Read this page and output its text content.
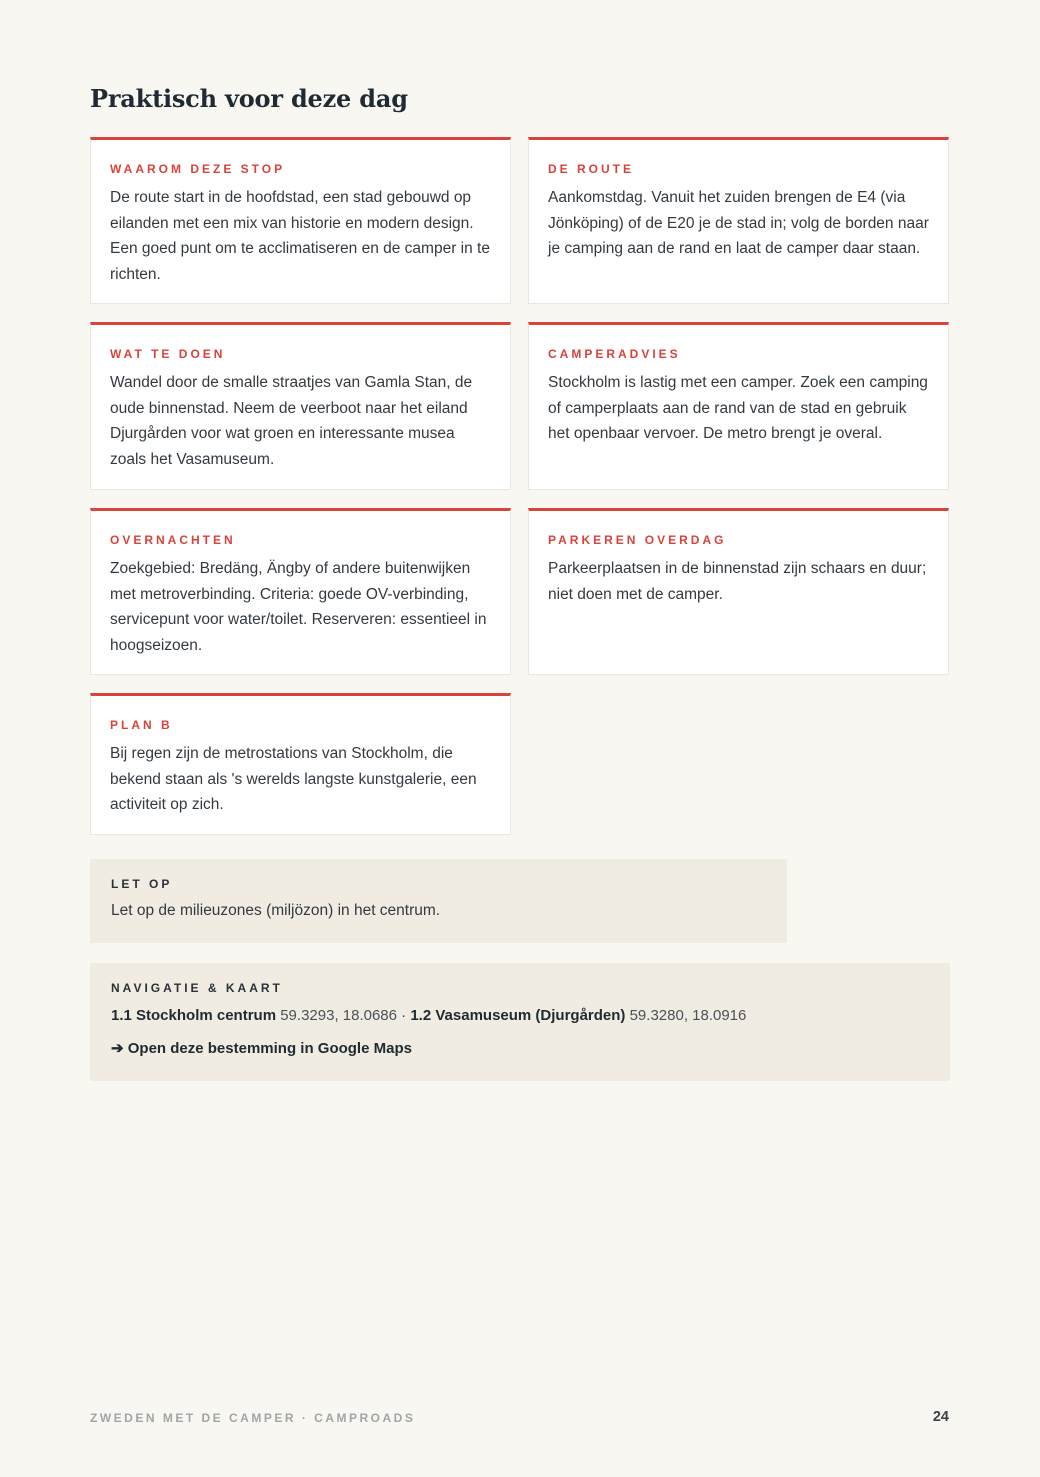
Praktisch voor deze dag

WAAROM DEZE STOP

De route start in de hoofdstad, een stad gebouwd op eilanden met een mix van historie en modern design. Een goed punt om te acclimatiseren en de camper in te richten.

DE ROUTE

Aankomstdag. Vanuit het zuiden brengen de E4 (via Jönköping) of de E20 je de stad in; volg de borden naar je camping aan de rand en laat de camper daar staan.

WAT TE DOEN

Wandel door de smalle straatjes van Gamla Stan, de oude binnenstad. Neem de veerboot naar het eiland Djurgården voor wat groen en interessante musea zoals het Vasamuseum.

CAMPERADVIES

Stockholm is lastig met een camper. Zoek een camping of camperplaats aan de rand van de stad en gebruik het openbaar vervoer. De metro brengt je overal.

OVERNACHTEN

Zoekgebied: Bredäng, Ängby of andere buitenwijken met metroverbinding. Criteria: goede OV-verbinding, servicepunt voor water/toilet. Reserveren: essentieel in hoogseizoen.

PARKEREN OVERDAG

Parkeerplaatsen in de binnenstad zijn schaars en duur; niet doen met de camper.

PLAN B

Bij regen zijn de metrostations van Stockholm, die bekend staan als 's werelds langste kunstgalerie, een activiteit op zich.

LET OP

Let op de milieuzones (miljözon) in het centrum.

NAVIGATIE & KAART

1.1 Stockholm centrum 59.3293, 18.0686 · 1.2 Vasamuseum (Djurgården) 59.3280, 18.0916

➔ Open deze bestemming in Google Maps
ZWEDEN MET DE CAMPER · CAMPROADS	24
